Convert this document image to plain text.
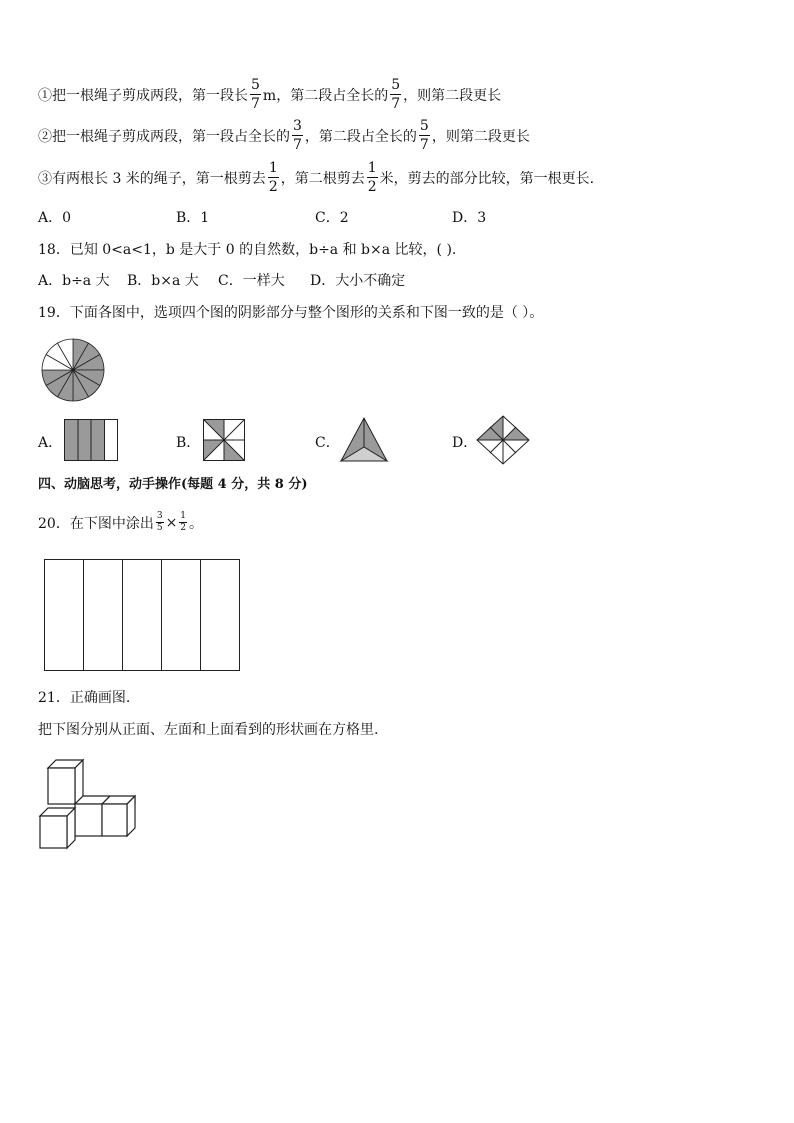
①把一根绳子剪成两段，第一段长 $\frac{5}{7}$ m，第二段占全长的 $\frac{5}{7}$ ，则第二段更长
②把一根绳子剪成两段，第一段占全长的 $\frac{3}{7}$ ，第二段占全长的 $\frac{5}{7}$ ，则第二段更长
③有两根长 3 米的绳子，第一根剪去 $\frac{1}{2}$ ，第二根剪去 $\frac{1}{2}$ 米，剪去的部分比较，第一根更长.
A．0	B．1	C．2	D．3
18．已知 0<a<1，b 是大于 0 的自然数，b÷a 和 b×a 比较，( ).
A．b÷a 大 B．b×a 大 C．一样大 D．大小不确定
19．下面各图中，选项四个图的阴影部分与整个图形的关系和下图一致的是（ ）。
A．	B．	C．	D．
四、动脑思考，动手操作(每题 4 分，共 8 分)
20．在下图中涂出 $\frac{3}{5} \times \frac{1}{2}$ 。
21．正确画图.
把下图分别从正面、左面和上面看到的形状画在方格里.
